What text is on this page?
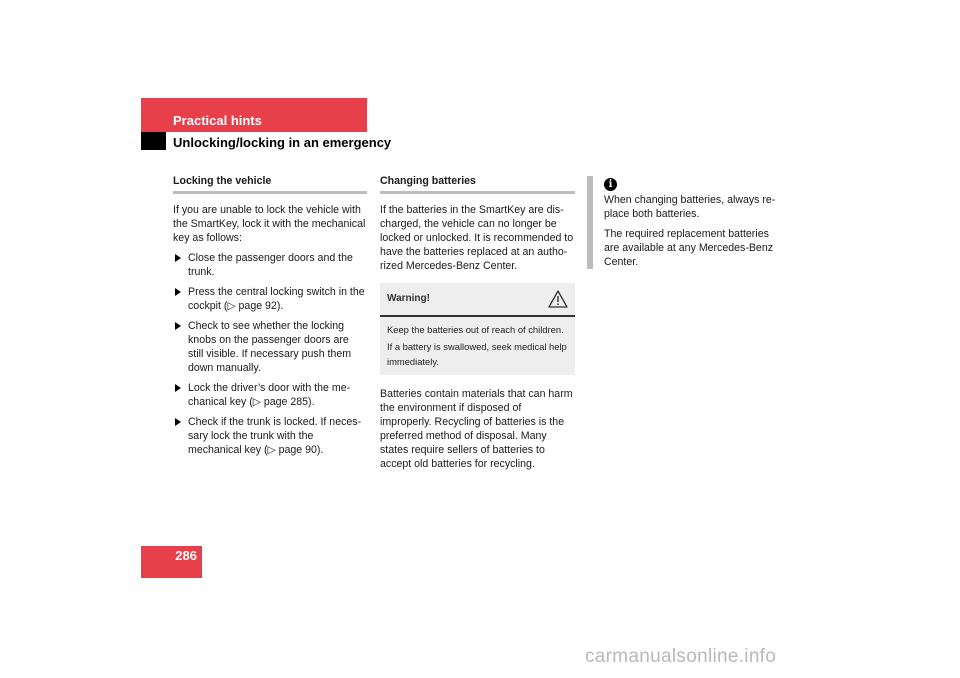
Practical hints
Unlocking/locking in an emergency
Locking the vehicle

If you are unable to lock the vehicle with the SmartKey, lock it with the mechanical key as follows:

Close the passenger doors and the trunk.
Press the central locking switch in the cockpit (▷ page 92).
Check to see whether the locking knobs on the passenger doors are still visible. If necessary push them down manually.
Lock the driver’s door with the me-chanical key (▷ page 285).
Check if the trunk is locked. If neces-sary lock the trunk with the mechanical key (▷ page 90).
Changing batteries

If the batteries in the SmartKey are dis-charged, the vehicle can no longer be locked or unlocked. It is recommended to have the batteries replaced at an autho-rized Mercedes-Benz Center.

Warning!

Keep the batteries out of reach of children.

If a battery is swallowed, seek medical help immediately.

Batteries contain materials that can harm the environment if disposed of improperly. Recycling of batteries is the preferred method of disposal. Many states require sellers of batteries to accept old batteries for recycling.

i

When changing batteries, always re-place both batteries.

The required replacement batteries are available at any Mercedes-Benz Center.

286
carmanualsonline.info
